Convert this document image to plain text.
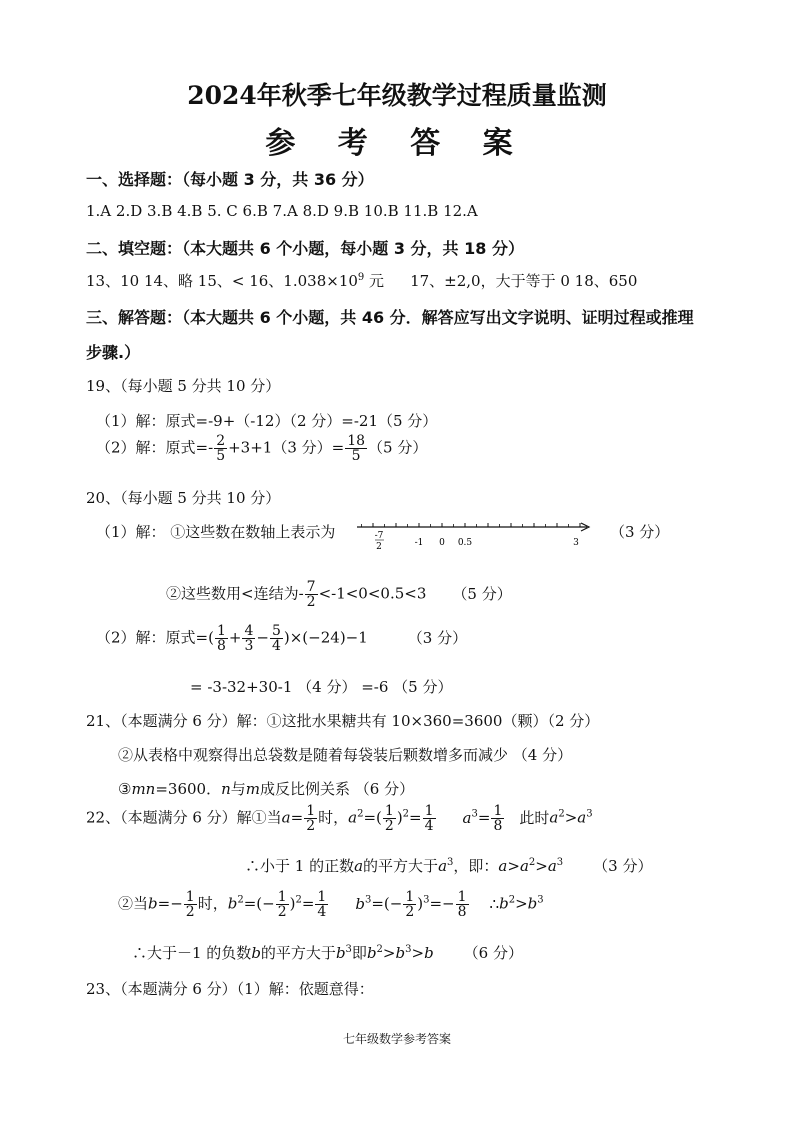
2024年秋季七年级教学过程质量监测
参 考 答 案
一、选择题：（每小题 3 分，共 36 分）
1.A 2.D 3.B 4.B 5. C 6.B 7.A 8.D 9.B 10.B 11.B 12.A
二、填空题：（本大题共 6 个小题，每小题 3 分，共 18 分）
13、10 14、略 15、< 16、$1.038\times 10^9$ 元 17、±2,0，大于等于 0 18、650
三、解答题：（本大题共 6 个小题，共 46 分．解答应写出文字说明、证明过程或推理
步骤.）
19、（每小题 5 分共 10 分）
（1）解：原式=-9+（-12）（2 分）=-21（5 分）
（2）解：原式=- $\frac{2}{5} +3+1(3$ 分）= $\frac{18}{5} (5$ 分）
20、（每小题 5 分共 10 分）
（1）解： ①这些数在数轴上表示为	-7
2	-1 0 0.5	3
（3 分）
②这些数用<连结为- $\frac{7}{2} <-1<0<0.5<3$ （5 分）
（2）解：原式=( $\frac{1}{8} + \frac{4}{3} - \frac{5}{4} )\times(-24)-1$	（3 分）
= -3-32+30-1 （4 分） =-6 （5 分）
21、（本题满分 6 分）解：①这批水果糖共有 10×360=3600（颗）（2 分）
②从表格中观察得出总袋数是随着每袋装后颗数增多而减少 （4 分）
③mn=3600．n与m成反比例关系 （6 分）
22、（本题满分 6 分）解①当$a= \frac{1}{2}$ 时，$a^2=( \frac{1}{2} )^2= \frac{1}{4} a^3= \frac{1}{8}$ 此时$a^2>a^3$
∴小于 1 的正数a的平方大于$a^3$，即：$a>a^2>a^3$ （3 分）
②当$b=- \frac{1}{2}$ 时，$b^2=(- \frac{1}{2} )^2= \frac{1}{4} b^3=(- \frac{1}{2} )^3=- \frac{1}{8}$ $\therefore b^2>b^3$
∴大于－1 的负数b的平方大于$b^3$即$b^2>b^3>b$ （6 分）
23、（本题满分 6 分）（1）解：依题意得：
七年级数学参考答案
